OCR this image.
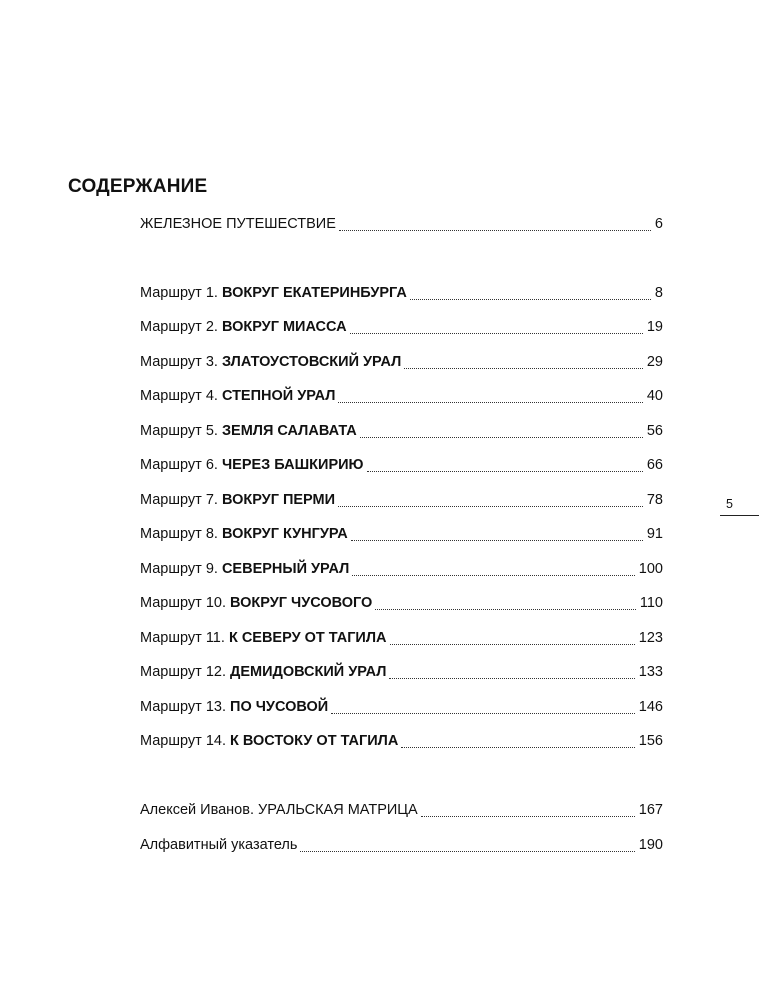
СОДЕРЖАНИЕ
ЖЕЛЕЗНОЕ ПУТЕШЕСТВИЕ	6
Маршрут 1. ВОКРУГ ЕКАТЕРИНБУРГА	8
Маршрут 2. ВОКРУГ МИАССА	19
Маршрут 3. ЗЛАТОУСТОВСКИЙ УРАЛ	29
Маршрут 4. СТЕПНОЙ УРАЛ	40
Маршрут 5. ЗЕМЛЯ САЛАВАТА	56
Маршрут 6. ЧЕРЕЗ БАШКИРИЮ	66
Маршрут 7. ВОКРУГ ПЕРМИ	78
Маршрут 8. ВОКРУГ КУНГУРА	91
Маршрут 9. СЕВЕРНЫЙ УРАЛ	100
Маршрут 10. ВОКРУГ ЧУСОВОГО	110
Маршрут 11. К СЕВЕРУ ОТ ТАГИЛА	123
Маршрут 12. ДЕМИДОВСКИЙ УРАЛ	133
Маршрут 13. ПО ЧУСОВОЙ	146
Маршрут 14. К ВОСТОКУ ОТ ТАГИЛА	156
Алексей Иванов. УРАЛЬСКАЯ МАТРИЦА	167
Алфавитный указатель	190
5
